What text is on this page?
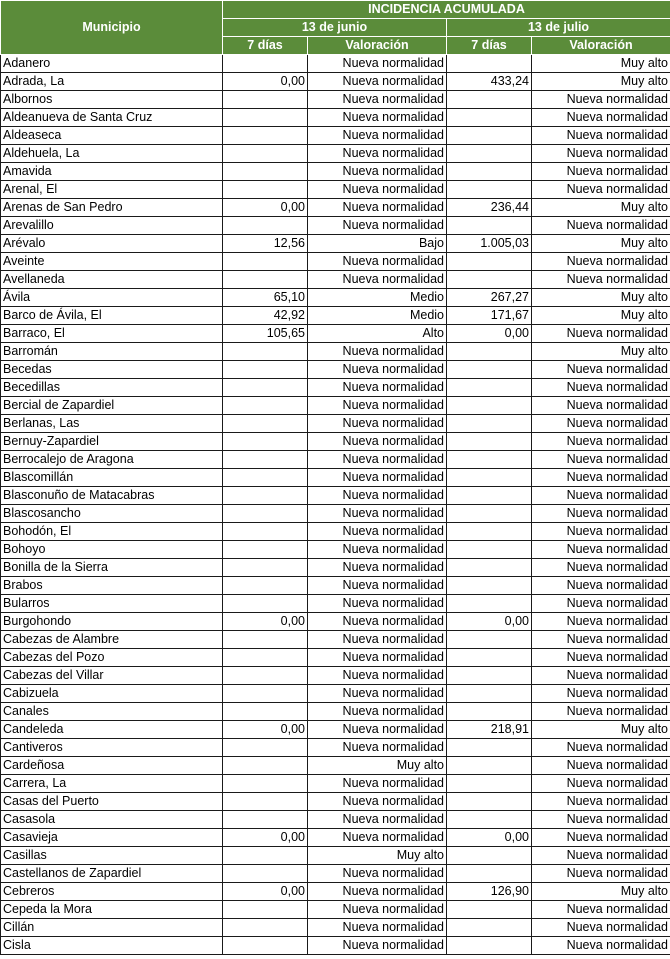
Municipio	INCIDENCIA ACUMULADA			
	13 de junio		13 de julio	
	7 días	Valoración	7 días	Valoración
Adanero		Nueva normalidad		Muy alto
Adrada, La	0,00	Nueva normalidad	433,24	Muy alto
Albornos		Nueva normalidad		Nueva normalidad
Aldeanueva de Santa Cruz		Nueva normalidad		Nueva normalidad
Aldeaseca		Nueva normalidad		Nueva normalidad
Aldehuela, La		Nueva normalidad		Nueva normalidad
Amavida		Nueva normalidad		Nueva normalidad
Arenal, El		Nueva normalidad		Nueva normalidad
Arenas de San Pedro	0,00	Nueva normalidad	236,44	Muy alto
Arevalillo		Nueva normalidad		Nueva normalidad
Arévalo	12,56	Bajo	1.005,03	Muy alto
Aveinte		Nueva normalidad		Nueva normalidad
Avellaneda		Nueva normalidad		Nueva normalidad
Ávila	65,10	Medio	267,27	Muy alto
Barco de Ávila, El	42,92	Medio	171,67	Muy alto
Barraco, El	105,65	Alto	0,00	Nueva normalidad
Barromán		Nueva normalidad		Muy alto
Becedas		Nueva normalidad		Nueva normalidad
Becedillas		Nueva normalidad		Nueva normalidad
Bercial de Zapardiel		Nueva normalidad		Nueva normalidad
Berlanas, Las		Nueva normalidad		Nueva normalidad
Bernuy-Zapardiel		Nueva normalidad		Nueva normalidad
Berrocalejo de Aragona		Nueva normalidad		Nueva normalidad
Blascomillán		Nueva normalidad		Nueva normalidad
Blasconuño de Matacabras		Nueva normalidad		Nueva normalidad
Blascosancho		Nueva normalidad		Nueva normalidad
Bohodón, El		Nueva normalidad		Nueva normalidad
Bohoyo		Nueva normalidad		Nueva normalidad
Bonilla de la Sierra		Nueva normalidad		Nueva normalidad
Brabos		Nueva normalidad		Nueva normalidad
Bularros		Nueva normalidad		Nueva normalidad
Burgohondo	0,00	Nueva normalidad	0,00	Nueva normalidad
Cabezas de Alambre		Nueva normalidad		Nueva normalidad
Cabezas del Pozo		Nueva normalidad		Nueva normalidad
Cabezas del Villar		Nueva normalidad		Nueva normalidad
Cabizuela		Nueva normalidad		Nueva normalidad
Canales		Nueva normalidad		Nueva normalidad
Candeleda	0,00	Nueva normalidad	218,91	Muy alto
Cantiveros		Nueva normalidad		Nueva normalidad
Cardeñosa		Muy alto		Nueva normalidad
Carrera, La		Nueva normalidad		Nueva normalidad
Casas del Puerto		Nueva normalidad		Nueva normalidad
Casasola		Nueva normalidad		Nueva normalidad
Casavieja	0,00	Nueva normalidad	0,00	Nueva normalidad
Casillas		Muy alto		Nueva normalidad
Castellanos de Zapardiel		Nueva normalidad		Nueva normalidad
Cebreros	0,00	Nueva normalidad	126,90	Muy alto
Cepeda la Mora		Nueva normalidad		Nueva normalidad
Cillán		Nueva normalidad		Nueva normalidad
Cisla		Nueva normalidad		Nueva normalidad
